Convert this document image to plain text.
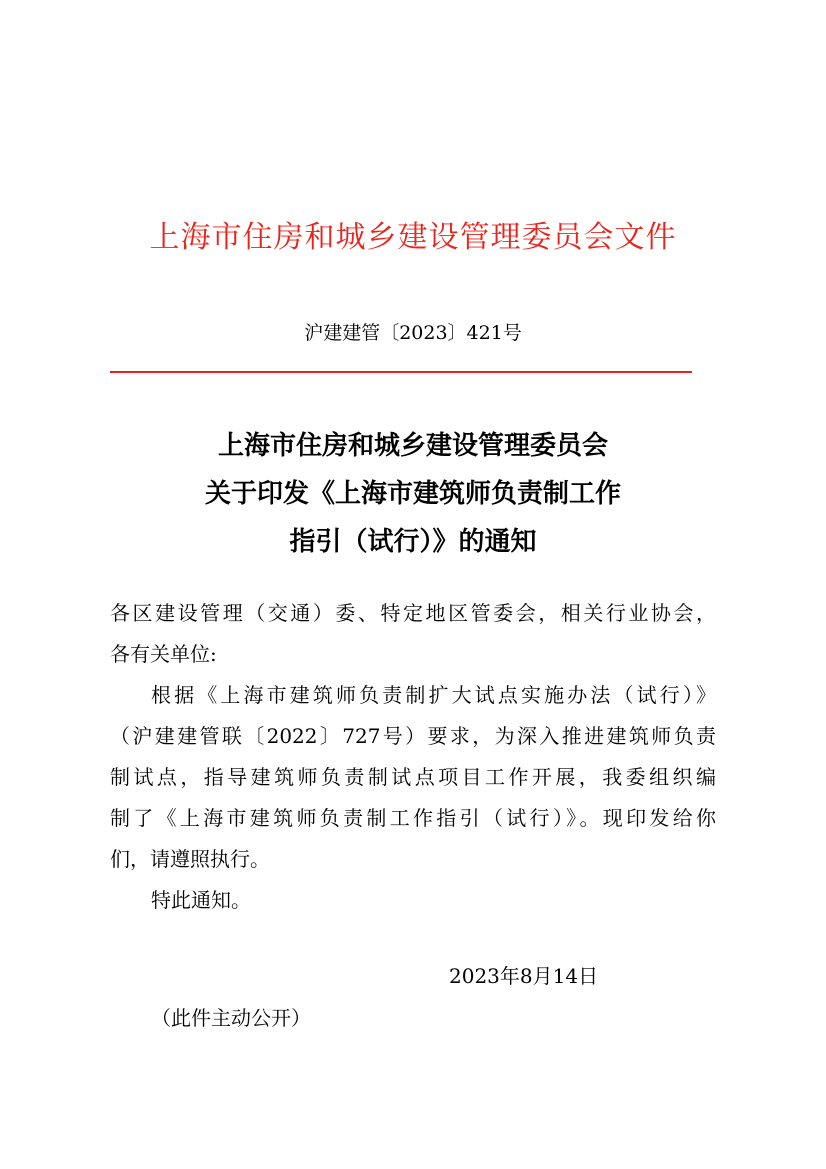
上海市住房和城乡建设管理委员会文件
沪建建管〔2023〕421号
上海市住房和城乡建设管理委员会
关于印发《上海市建筑师负责制工作
指引（试行）》的通知
各区建设管理（交通）委、特定地区管委会，相关行业协会，
各有关单位:
根据《上海市建筑师负责制扩大试点实施办法（试行）》
（沪建建管联〔2022〕727号）要求，为深入推进建筑师负责
制试点，指导建筑师负责制试点项目工作开展，我委组织编
制了《上海市建筑师负责制工作指引（试行）》。现印发给你
们，请遵照执行。
特此通知。
2023年8月14日
（此件主动公开）
